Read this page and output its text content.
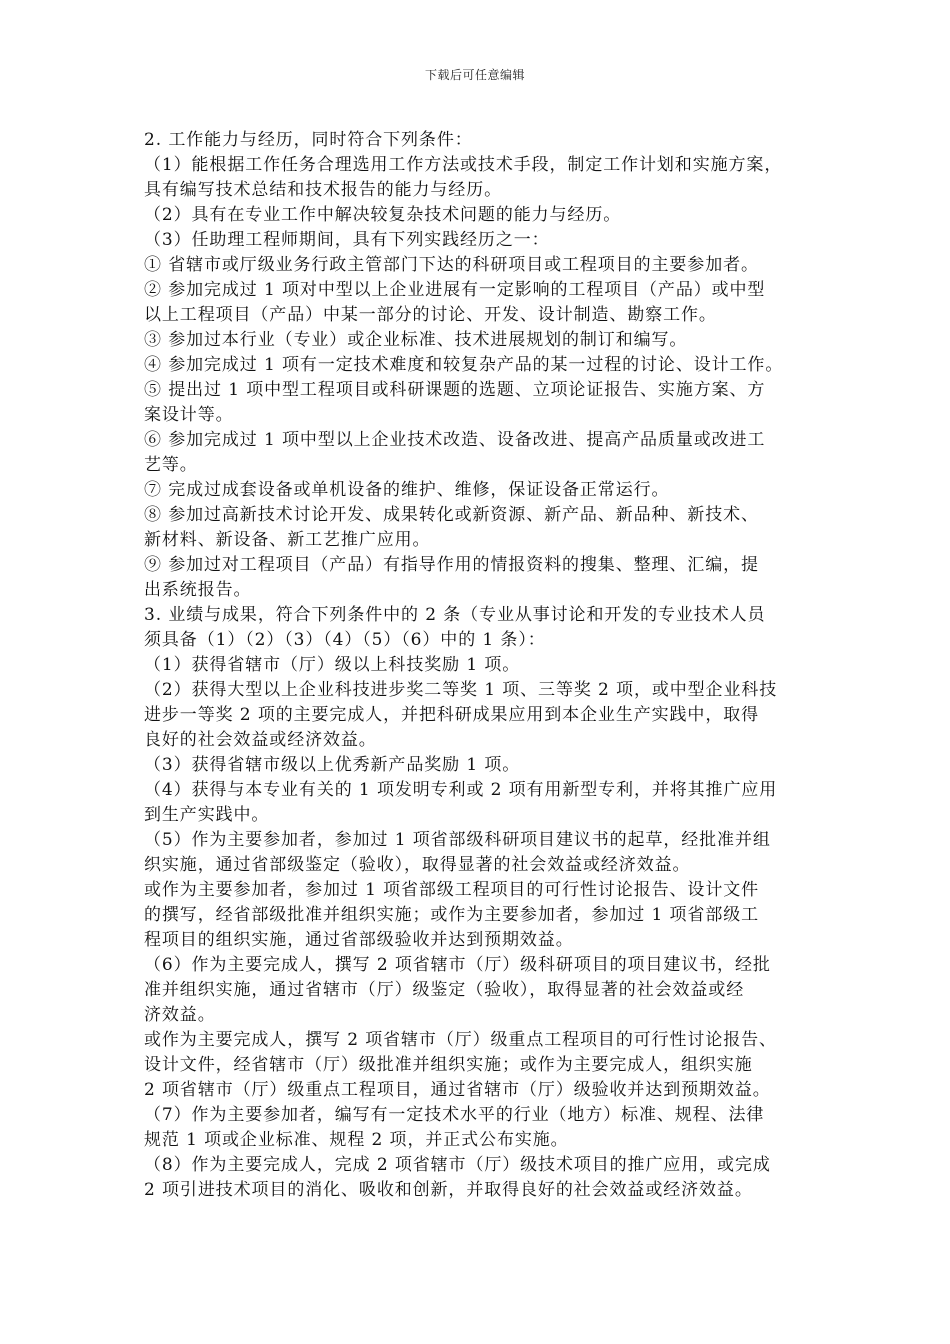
下载后可任意编辑
2. 工作能力与经历，同时符合下列条件：
（1）能根据工作任务合理选用工作方法或技术手段，制定工作计划和实施方案，
具有编写技术总结和技术报告的能力与经历。
（2）具有在专业工作中解决较复杂技术问题的能力与经历。
（3）任助理工程师期间，具有下列实践经历之一：
① 省辖市或厅级业务行政主管部门下达的科研项目或工程项目的主要参加者。
② 参加完成过 1 项对中型以上企业进展有一定影响的工程项目（产品）或中型
以上工程项目（产品）中某一部分的讨论、开发、设计制造、勘察工作。
③ 参加过本行业（专业）或企业标准、技术进展规划的制订和编写。
④ 参加完成过 1 项有一定技术难度和较复杂产品的某一过程的讨论、设计工作。
⑤ 提出过 1 项中型工程项目或科研课题的选题、立项论证报告、实施方案、方
案设计等。
⑥ 参加完成过 1 项中型以上企业技术改造、设备改进、提高产品质量或改进工
艺等。
⑦ 完成过成套设备或单机设备的维护、维修，保证设备正常运行。
⑧ 参加过高新技术讨论开发、成果转化或新资源、新产品、新品种、新技术、
新材料、新设备、新工艺推广应用。
⑨ 参加过对工程项目（产品）有指导作用的情报资料的搜集、整理、汇编，提
出系统报告。
3. 业绩与成果，符合下列条件中的 2 条（专业从事讨论和开发的专业技术人员
须具备（1）（2）（3）（4）（5）（6）中的 1 条）：
（1）获得省辖市（厅）级以上科技奖励 1 项。
（2）获得大型以上企业科技进步奖二等奖 1 项、三等奖 2 项，或中型企业科技
进步一等奖 2 项的主要完成人，并把科研成果应用到本企业生产实践中，取得
良好的社会效益或经济效益。
（3）获得省辖市级以上优秀新产品奖励 1 项。
（4）获得与本专业有关的 1 项发明专利或 2 项有用新型专利，并将其推广应用
到生产实践中。
（5）作为主要参加者，参加过 1 项省部级科研项目建议书的起草，经批准并组
织实施，通过省部级鉴定（验收），取得显著的社会效益或经济效益。
或作为主要参加者，参加过 1 项省部级工程项目的可行性讨论报告、设计文件
的撰写，经省部级批准并组织实施；或作为主要参加者，参加过 1 项省部级工
程项目的组织实施，通过省部级验收并达到预期效益。
（6）作为主要完成人，撰写 2 项省辖市（厅）级科研项目的项目建议书，经批
准并组织实施，通过省辖市（厅）级鉴定（验收），取得显著的社会效益或经
济效益。
或作为主要完成人，撰写 2 项省辖市（厅）级重点工程项目的可行性讨论报告、
设计文件，经省辖市（厅）级批准并组织实施；或作为主要完成人，组织实施
2 项省辖市（厅）级重点工程项目，通过省辖市（厅）级验收并达到预期效益。
（7）作为主要参加者，编写有一定技术水平的行业（地方）标准、规程、法律
规范 1 项或企业标准、规程 2 项，并正式公布实施。
（8）作为主要完成人，完成 2 项省辖市（厅）级技术项目的推广应用，或完成
2 项引进技术项目的消化、吸收和创新，并取得良好的社会效益或经济效益。
